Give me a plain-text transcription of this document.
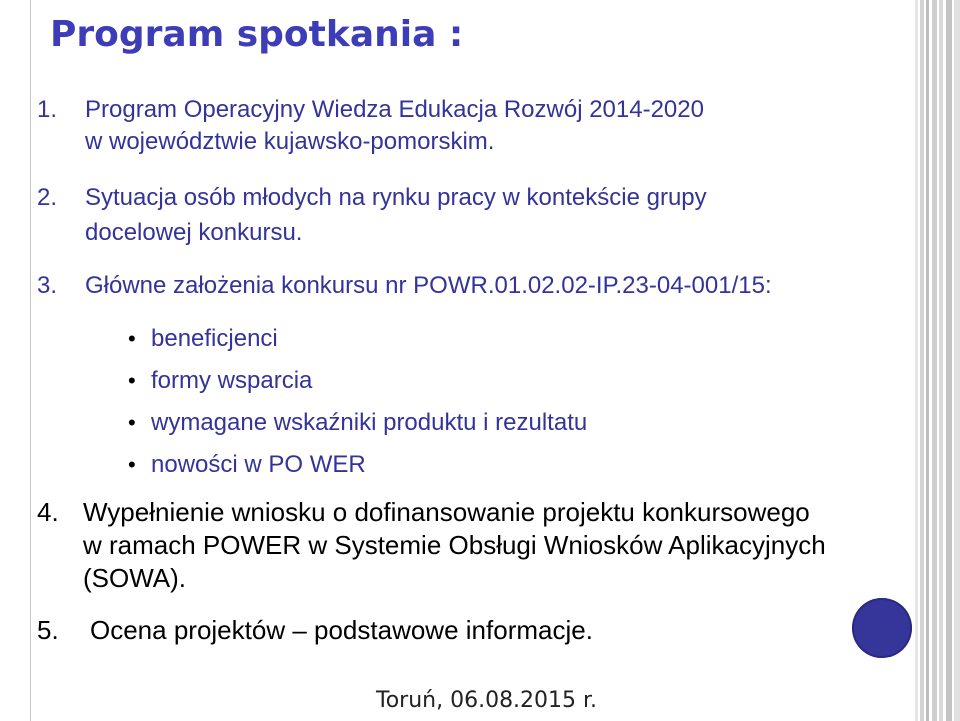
Program spotkania :
1. Program Operacyjny Wiedza Edukacja Rozwój 2014-2020
w województwie kujawsko-pomorskim.
2. Sytuacja osób młodych na rynku pracy w kontekście grupy
docelowej konkursu.
3. Główne założenia konkursu nr POWR.01.02.02-IP.23-04-001/15:
• beneficjenci
• formy wsparcia
• wymagane wskaźniki produktu i rezultatu
• nowości w PO WER
4. Wypełnienie wniosku o dofinansowanie projektu konkursowego
w ramach POWER w Systemie Obsługi Wniosków Aplikacyjnych
(SOWA).
5. Ocena projektów – podstawowe informacje.
Toruń, 06.08.2015 r.
